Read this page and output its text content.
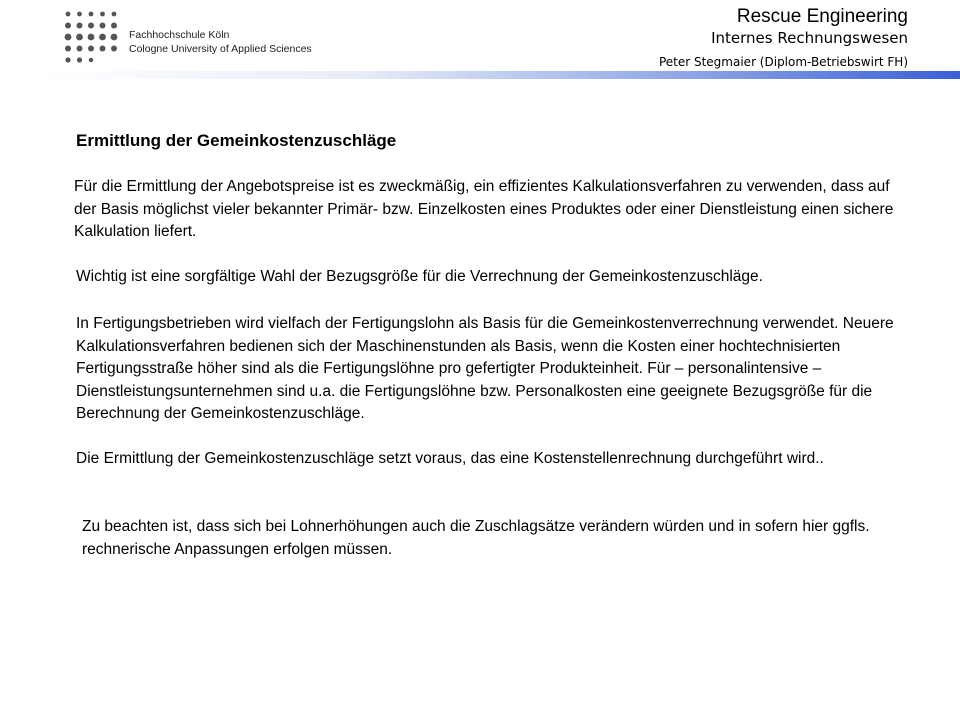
Fachhochschule Köln
Cologne University of Applied Sciences
Rescue Engineering
Internes Rechnungswesen
Peter Stegmaier (Diplom-Betriebswirt FH)
Ermittlung der Gemeinkostenzuschläge

Für die Ermittlung der Angebotspreise ist es zweckmäßig, ein effizientes Kalkulationsverfahren zu verwenden, dass auf der Basis möglichst vieler bekannter Primär- bzw. Einzelkosten eines Produktes oder einer Dienstleistung einen sichere Kalkulation liefert.

Wichtig ist eine sorgfältige Wahl der Bezugsgröße für die Verrechnung der Gemeinkostenzuschläge.

In Fertigungsbetrieben wird vielfach der Fertigungslohn als Basis für die Gemeinkostenverrechnung verwendet. Neuere Kalkulationsverfahren bedienen sich der Maschinenstunden als Basis, wenn die Kosten einer hochtechnisierten Fertigungsstraße höher sind als die Fertigungslöhne pro gefertigter Produkteinheit. Für – personalintensive – Dienstleistungsunternehmen sind u.a. die Fertigungslöhne bzw. Personalkosten eine geeignete Bezugsgröße für die Berechnung der Gemeinkostenzuschläge.

Die Ermittlung der Gemeinkostenzuschläge setzt voraus, das eine Kostenstellenrechnung durchgeführt wird..

Zu beachten ist, dass sich bei Lohnerhöhungen auch die Zuschlagsätze verändern würden und in sofern hier ggfls. rechnerische Anpassungen erfolgen müssen.
